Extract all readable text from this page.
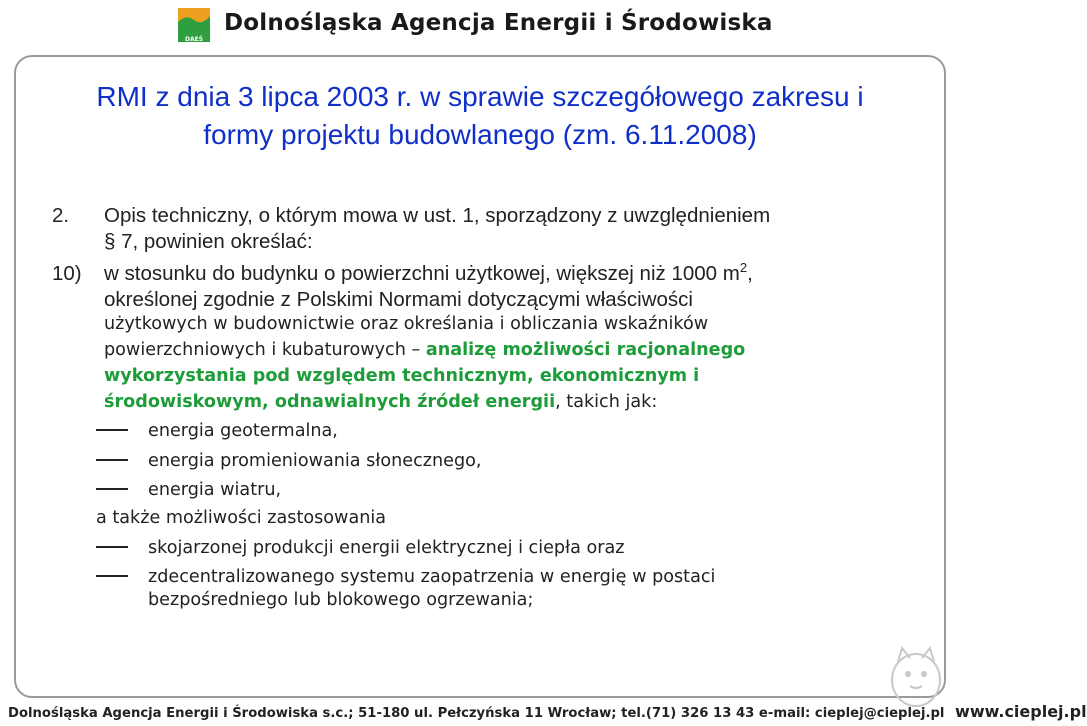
DAEŚ
Dolnośląska Agencja Energii i Środowiska
RMI z dnia 3 lipca 2003 r. w sprawie szczegółowego zakresu i
formy projektu budowlanego (zm. 6.11.2008)
2. Opis techniczny, o którym mowa w ust. 1, sporządzony z uwzględnieniem
§ 7, powinien określać:
10) w stosunku do budynku o powierzchni użytkowej, większej niż 1000 $m^2$,
określonej zgodnie z Polskimi Normami dotyczącymi właściwości
użytkowych w budownictwie oraz określania i obliczania wskaźników
powierzchniowych i kubaturowych – analizę możliwości racjonalnego
wykorzystania pod względem technicznym, ekonomicznym i
środowiskowym, odnawialnych źródeł energii, takich jak:
energia geotermalna,
energia promieniowania słonecznego,
energia wiatru,
a także możliwości zastosowania
skojarzonej produkcji energii elektrycznej i ciepła oraz
zdecentralizowanego systemu zaopatrzenia w energię w postaci
bezpośredniego lub blokowego ogrzewania;
Dolnośląska Agencja Energii i Środowiska s.c.; 51-180 ul. Pełczyńska 11 Wrocław; tel.(71) 326 13 43 e-mail: cieplej@cieplej.pl www.cieplej.pl
